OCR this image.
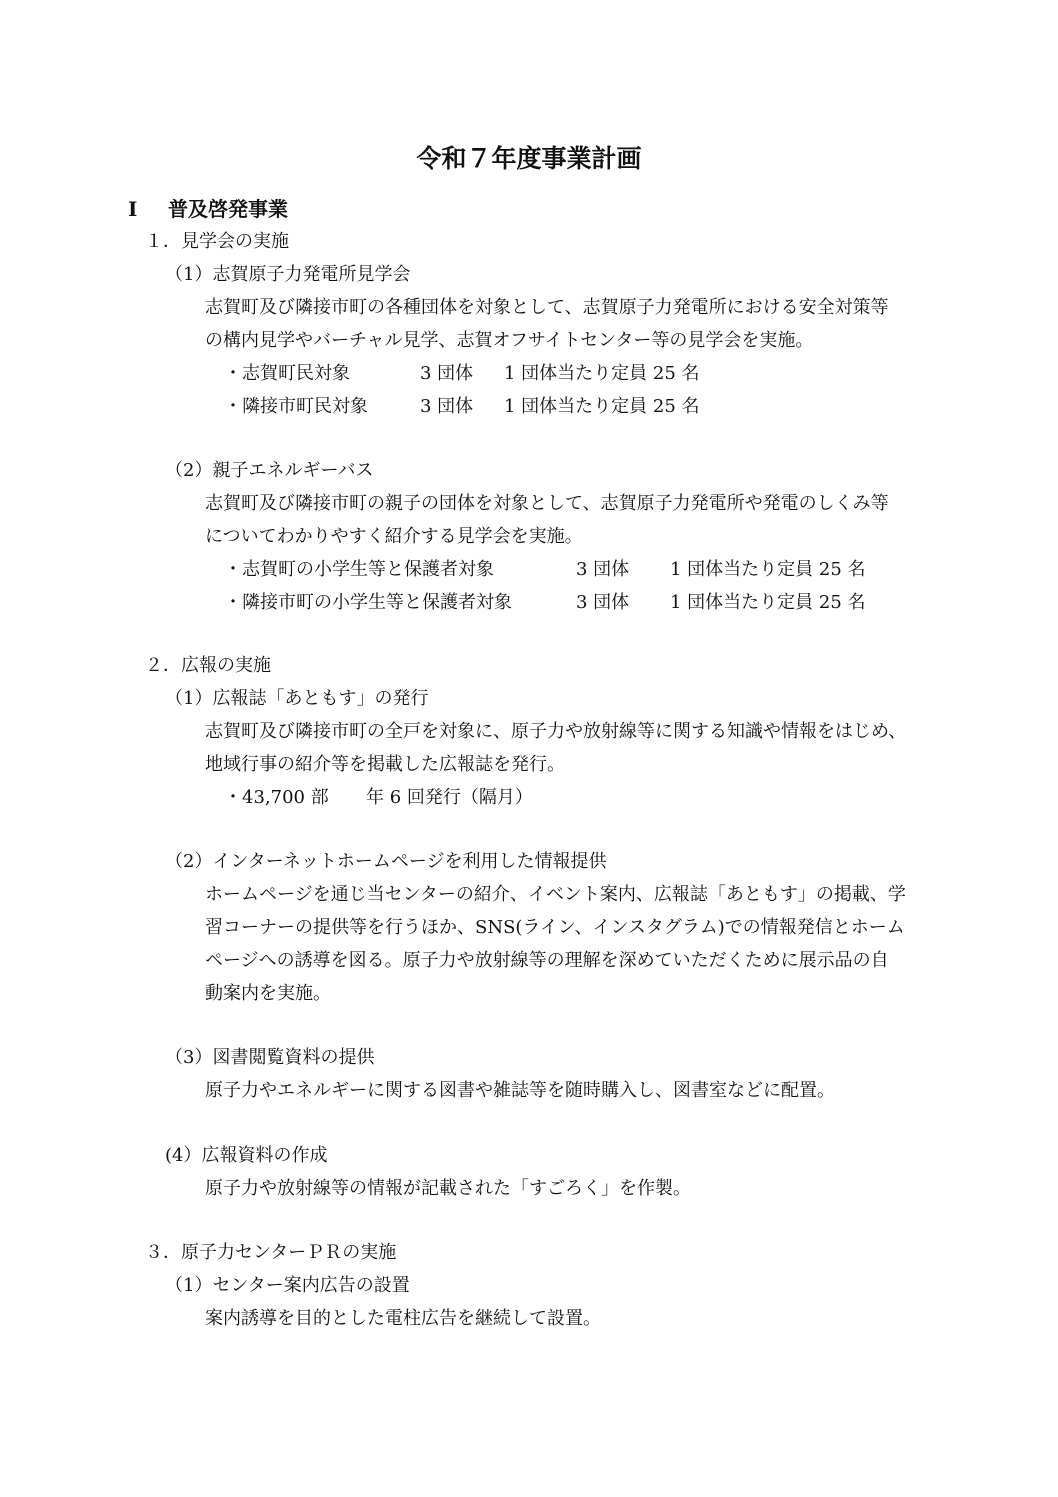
令和７年度事業計画
Ⅰ 普及啓発事業
１．見学会の実施
（1）志賀原子力発電所見学会
志賀町及び隣接市町の各種団体を対象として、志賀原子力発電所における安全対策等
の構内見学やバーチャル見学、志賀オフサイトセンター等の見学会を実施。
・志賀町民対象	3 団体 1 団体当たり定員 25 名
・隣接市町民対象	3 団体 1 団体当たり定員 25 名
（2）親子エネルギーバス
志賀町及び隣接市町の親子の団体を対象として、志賀原子力発電所や発電のしくみ等
についてわかりやすく紹介する見学会を実施。
・志賀町の小学生等と保護者対象	3 団体 1 団体当たり定員 25 名
・隣接市町の小学生等と保護者対象	3 団体 1 団体当たり定員 25 名
２．広報の実施
（1）広報誌「あともす」の発行
志賀町及び隣接市町の全戸を対象に、原子力や放射線等に関する知識や情報をはじめ、
地域行事の紹介等を掲載した広報誌を発行。
・43,700 部 年 6 回発行（隔月）
（2）インターネットホームページを利用した情報提供
ホームページを通じ当センターの紹介、イベント案内、広報誌「あともす」の掲載、学
習コーナーの提供等を行うほか、SNS(ライン、インスタグラム)での情報発信とホーム
ページへの誘導を図る。原子力や放射線等の理解を深めていただくために展示品の自
動案内を実施。
（3）図書閲覧資料の提供
原子力やエネルギーに関する図書や雑誌等を随時購入し、図書室などに配置。
(4）広報資料の作成
原子力や放射線等の情報が記載された「すごろく」を作製。
３．原子力センターＰＲの実施
（1）センター案内広告の設置
案内誘導を目的とした電柱広告を継続して設置。
